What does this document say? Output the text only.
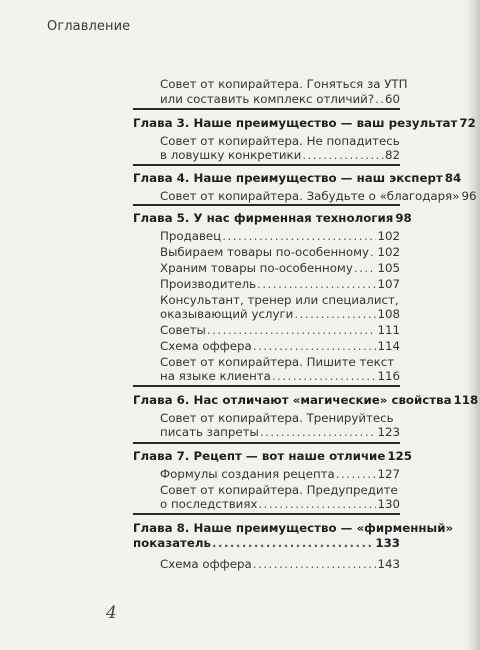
Оглавление
Совет от копирайтера. Гоняться за УТП
или составить комплекс отличий? ..... 60
Глава 3. Наше преимущество — ваш результат 72
Совет от копирайтера. Не попадитесь
в ловушку конкретики .....	82
Глава 4. Наше преимущество — наш эксперт 84
Совет от копирайтера. Забудьте о «благодаря» 96
Глава 5. У нас фирменная технология 98
Продавец .....	102
Выбираем товары по-особенному ..... 102
Храним товары по-особенному ..... 105
Производитель .....	107
Консультант, тренер или специалист,
оказывающий услуги .....	108
Советы .....	111
Схема оффера .....	114
Совет от копирайтера. Пишите текст
на языке клиента .....	116
Глава 6. Нас отличают «магические» свойства 118
Совет от копирайтера. Тренируйтесь
писать запреты .....	123
Глава 7. Рецепт — вот наше отличие 125
Формулы создания рецепта .....	127
Совет от копирайтера. Предупредите
о последствиях .....	130
Глава 8. Наше преимущество — «фирменный»
показатель .....	133
Схема оффера .....	143
4
